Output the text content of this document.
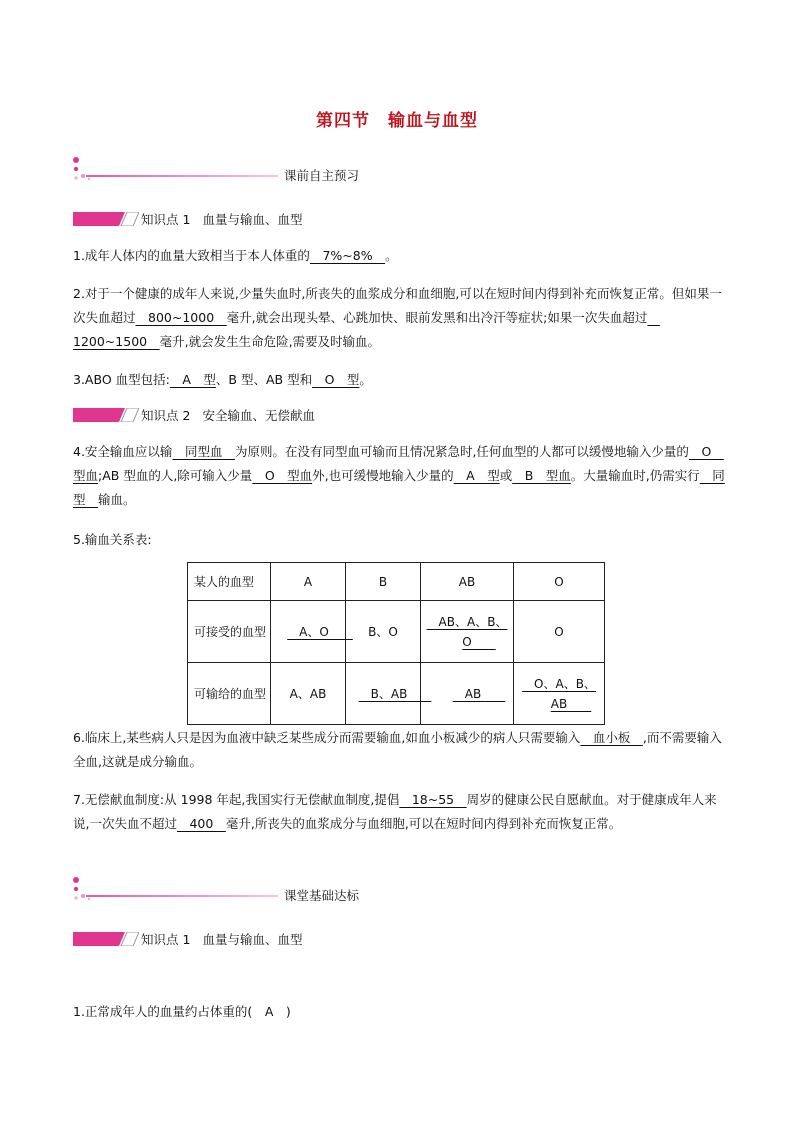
第四节　输血与血型
课前自主预习
知识点 1 血量与输血、血型
1.成年人体内的血量大致相当于本人体重的　7%~8%　。
2.对于一个健康的成年人来说,少量失血时,所丧失的血浆成分和血细胞,可以在短时间内得到补充而恢复正常。但如果一次失血超过　800~1000　毫升,就会出现头晕、心跳加快、眼前发黑和出冷汗等症状;如果一次失血超过　1200~1500　毫升,就会发生生命危险,需要及时输血。
3.ABO 血型包括:　A　型、B 型、AB 型和　O　型。
知识点 2 安全输血、无偿献血
4.安全输血应以输　同型血　为原则。在没有同型血可输而且情况紧急时,任何血型的人都可以缓慢地输入少量的　O　型血;AB 型血的人,除可输入少量　O　型血外,也可缓慢地输入少量的　A　型或　B　型血。大量输血时,仍需实行　同型　输血。
5.输血关系表:
某人的血型	A	B	AB	O
可接受的血型	　A、O　　	B、O	　AB、A、B、O　　	O
可输给的血型	A、AB	　B、AB　　	　AB　　	　O、A、B、AB　　
6.临床上,某些病人只是因为血液中缺乏某些成分而需要输血,如血小板减少的病人只需要输入　血小板　,而不需要输入全血,这就是成分输血。
7.无偿献血制度:从 1998 年起,我国实行无偿献血制度,提倡　18~55　周岁的健康公民自愿献血。对于健康成年人来说,一次失血不超过　400　毫升,所丧失的血浆成分与血细胞,可以在短时间内得到补充而恢复正常。
课堂基础达标
知识点 1 血量与输血、血型
1.正常成年人的血量约占体重的(　A　)
